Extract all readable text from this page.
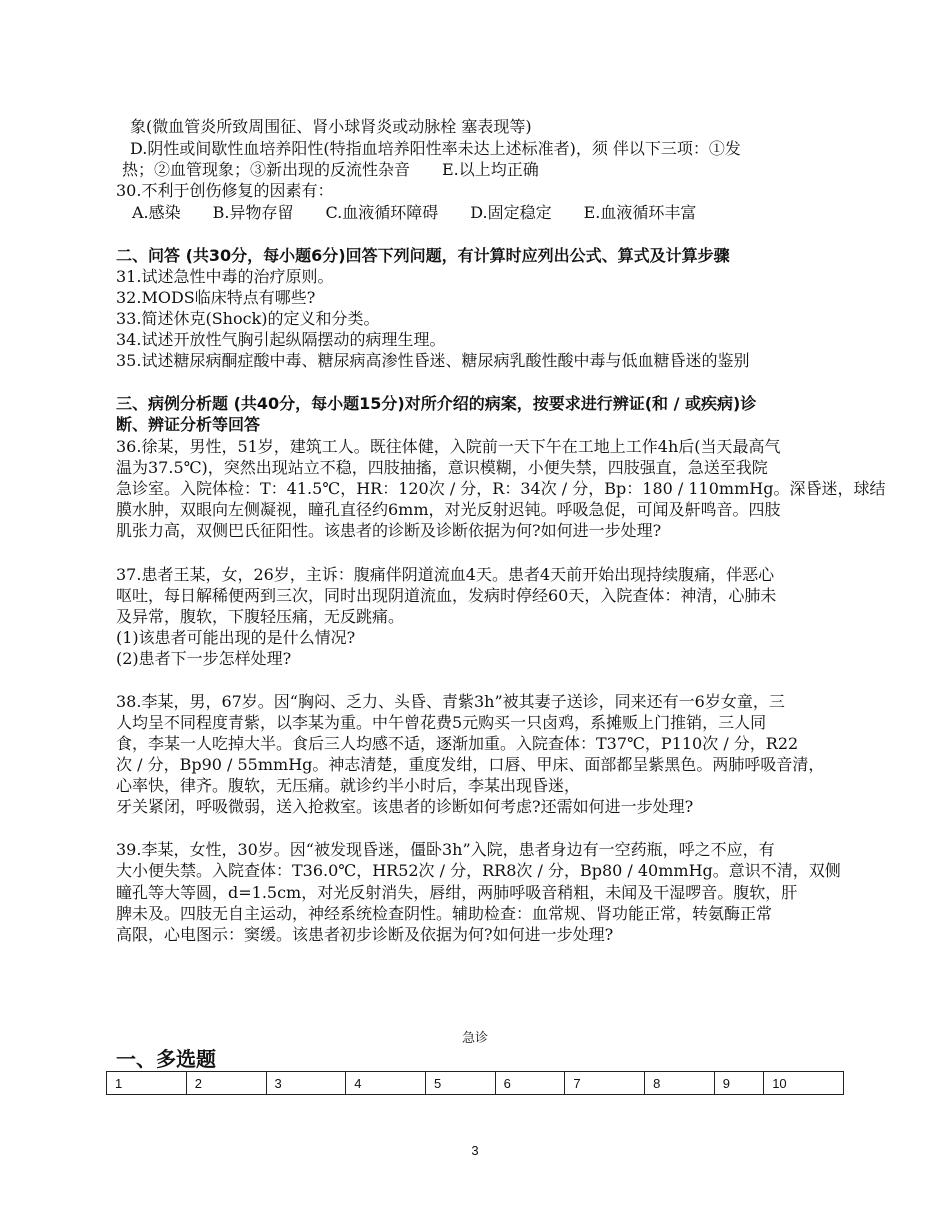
象(微血管炎所致周围征、肾小球肾炎或动脉栓 塞表现等)
D.阴性或间歇性血培养阳性(特指血培养阳性率未达上述标准者)，须 伴以下三项：①发
热；②血管现象；③新出现的反流性杂音　　E.以上均正确
30.不利于创伤修复的因素有：
A.感染　　B.异物存留　　C.血液循环障碍　　D.固定稳定　　E.血液循环丰富
二、问答 (共30分，每小题6分)回答下列问题，有计算时应列出公式、算式及计算步骤
31.试述急性中毒的治疗原则。
32.MODS临床特点有哪些?
33.简述休克(Shock)的定义和分类。
34.试述开放性气胸引起纵隔摆动的病理生理。
35.试述糖尿病酮症酸中毒、糖尿病高渗性昏迷、糖尿病乳酸性酸中毒与低血糖昏迷的鉴别
三、病例分析题 (共40分，每小题15分)对所介绍的病案，按要求进行辨证(和 / 或疾病)诊
断、辨证分析等回答
36.徐某，男性，51岁，建筑工人。既往体健，入院前一天下午在工地上工作4h后(当天最高气
温为37.5℃)，突然出现站立不稳，四肢抽搐，意识模糊，小便失禁，四肢强直，急送至我院
急诊室。入院体检：T：41.5℃，HR：120次 / 分，R：34次 / 分，Bp：180 / 110mmHg。深昏迷，球结
膜水肿，双眼向左侧凝视，瞳孔直径约6mm，对光反射迟钝。呼吸急促，可闻及鼾鸣音。四肢
肌张力高，双侧巴氏征阳性。该患者的诊断及诊断依据为何?如何进一步处理?
37.患者王某，女，26岁，主诉：腹痛伴阴道流血4天。患者4天前开始出现持续腹痛，伴恶心
呕吐，每日解稀便两到三次，同时出现阴道流血，发病时停经60天，入院查体：神清，心肺未
及异常，腹软，下腹轻压痛，无反跳痛。
(1)该患者可能出现的是什么情况?
(2)患者下一步怎样处理?
38.李某，男，67岁。因“胸闷、乏力、头昏、青紫3h”被其妻子送诊，同来还有一6岁女童，三
人均呈不同程度青紫，以李某为重。中午曾花费5元购买一只卤鸡，系摊贩上门推销，三人同
食，李某一人吃掉大半。食后三人均感不适，逐渐加重。入院查体：T37℃，P110次 / 分，R22
次 / 分，Bp90 / 55mmHg。神志清楚，重度发绀，口唇、甲床、面部都呈紫黑色。两肺呼吸音清，
心率快，律齐。腹软，无压痛。就诊约半小时后，李某出现昏迷，
牙关紧闭，呼吸微弱，送入抢救室。该患者的诊断如何考虑?还需如何进一步处理?
39.李某，女性，30岁。因“被发现昏迷，僵卧3h”入院，患者身边有一空药瓶，呼之不应，有
大小便失禁。入院查体：T36.0℃，HR52次 / 分，RR8次 / 分，Bp80 / 40mmHg。意识不清，双侧
瞳孔等大等圆，d=1.5cm，对光反射消失，唇绀，两肺呼吸音稍粗，未闻及干湿啰音。腹软，肝
脾未及。四肢无自主运动，神经系统检查阴性。辅助检查：血常规、肾功能正常，转氨酶正常
高限，心电图示：窦缓。该患者初步诊断及依据为何?如何进一步处理?
急诊
一、多选题
1	2	3	4	5	6	7	8	9	10
3
